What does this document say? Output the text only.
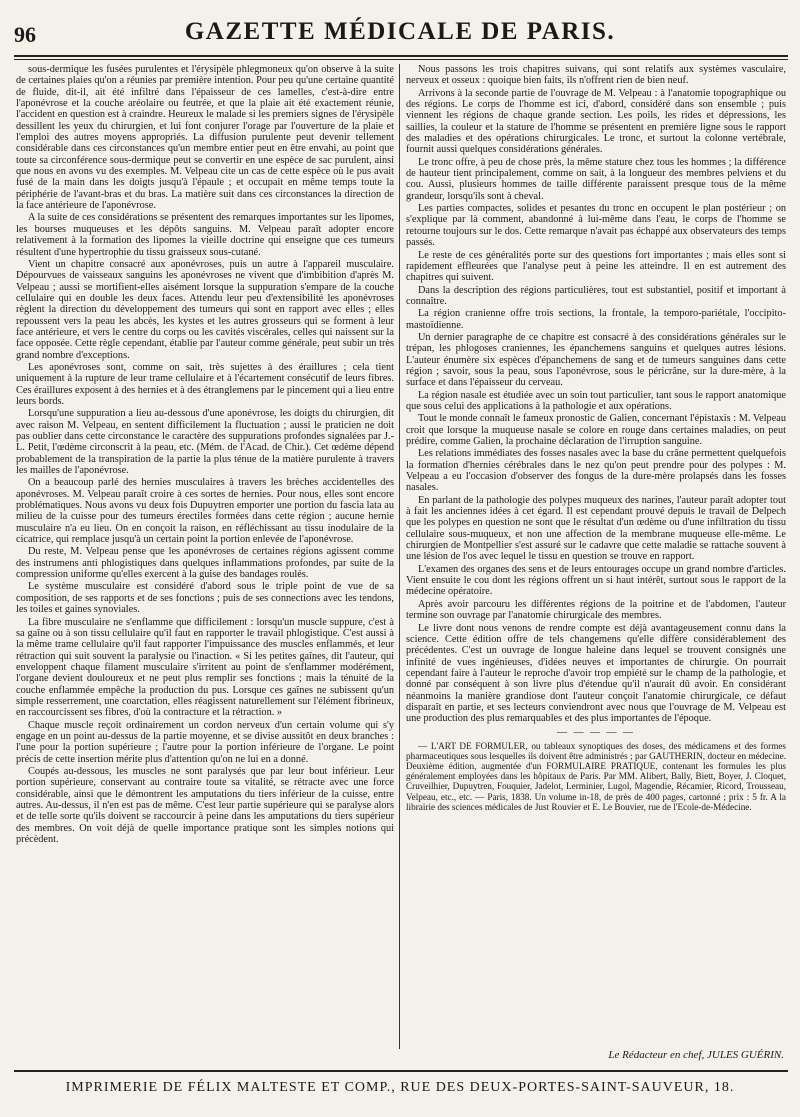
96	GAZETTE MÉDICALE DE PARIS.

sous-dermique les fusées purulentes et l'érysipèle phlegmoneux qu'on observe à la suite de certaines plaies qu'on a réunies par première intention. Pour peu qu'une certaine quantité de fluide, dit-il, ait été infiltré dans l'épaisseur de ces lamelles, c'est-à-dire entre l'aponévrose et la couche aréolaire ou feutrée, et que la plaie ait été exactement réunie, l'accident en question est à craindre. Heureux le malade si les premiers signes de l'érysipèle dessillent les yeux du chirurgien, et lui font conjurer l'orage par l'ouverture de la plaie et l'emploi des autres moyens appropriés. La diffusion purulente peut devenir tellement considérable dans ces circonstances qu'un membre entier peut en être envahi, au point que toute sa circonférence sous-dermique peut se convertir en une espèce de sac purulent, ainsi que nous en avons vu des exemples. M. Velpeau cite un cas de cette espèce où le pus avait fusé de la main dans les doigts jusqu'à l'épaule ; et occupait en même temps toute la périphérie de l'avant-bras et du bras. La matière suit dans ces circonstances la direction de la face antérieure de l'aponévrose.

A la suite de ces considérations se présentent des remarques importantes sur les lipomes, les bourses muqueuses et les dépôts sanguins. M. Velpeau paraît adopter encore relativement à la formation des lipomes la vieille doctrine qui enseigne que ces tumeurs résultent d'une hypertrophie du tissu graisseux sous-cutané.

Vient un chapitre consacré aux aponévroses, puis un autre à l'appareil musculaire. Dépourvues de vaisseaux sanguins les aponévroses ne vivent que d'imbibition d'après M. Velpeau ; aussi se mortifient-elles aisément lorsque la suppuration s'empare de la couche cellulaire qui en double les deux faces. Attendu leur peu d'extensibilité les aponévroses règlent la direction du développement des tumeurs qui sont en rapport avec elles ; elles repoussent vers la peau les abcès, les kystes et les autres grosseurs qui se forment à leur face antérieure, et vers le centre du corps ou les cavités viscérales, celles qui naissent sur la face opposée. Cette règle cependant, établie par l'auteur comme générale, peut subir un très grand nombre d'exceptions.

Les aponévroses sont, comme on sait, très sujettes à des éraillures ; cela tient uniquement à la rupture de leur trame cellulaire et à l'écartement consécutif de leurs fibres. Ces éraillures exposent à des hernies et à des étranglemens par le pincement qui a lieu entre leurs bords.

Lorsqu'une suppuration a lieu au-dessous d'une aponévrose, les doigts du chirurgien, dit avec raison M. Velpeau, en sentent difficilement la fluctuation ; aussi le praticien ne doit pas oublier dans cette circonstance le caractère des suppurations profondes signalées par J.-L. Petit, l'œdème circonscrit à la peau, etc. (Mém. de l'Acad. de Chir.). Cet œdème dépend probablement de la transpiration de la partie la plus ténue de la matière purulente à travers les mailles de l'aponévrose.

On a beaucoup parlé des hernies musculaires à travers les brèches accidentelles des aponévroses. M. Velpeau paraît croire à ces sortes de hernies. Pour nous, elles sont encore problématiques. Nous avons vu deux fois Dupuytren emporter une portion du fascia lata au milieu de la cuisse pour des tumeurs érectiles formées dans cette région ; aucune hernie musculaire n'a eu lieu. On en conçoit la raison, en réfléchissant au tissu inodulaire de la cicatrice, qui remplace jusqu'à un certain point la portion enlevée de l'aponévrose.

Du reste, M. Velpeau pense que les aponévroses de certaines régions agissent comme des instrumens anti phlogistiques dans quelques inflammations profondes, par suite de la compression uniforme qu'elles exercent à la guise des bandages roulés.

Le système musculaire est considéré d'abord sous le triple point de vue de sa composition, de ses rapports et de ses fonctions ; puis de ses connections avec les tendons, les toiles et gaines synoviales.

La fibre musculaire ne s'enflamme que difficilement : lorsqu'un muscle suppure, c'est à sa gaîne ou à son tissu cellulaire qu'il faut en rapporter le travail phlogistique. C'est aussi à la même trame cellulaire qu'il faut rapporter l'impuissance des muscles enflammés, et leur rétraction qui suit souvent la paralysie ou l'inaction. « Si les petites gaînes, dit l'auteur, qui enveloppent chaque filament musculaire s'irritent au point de s'enflammer modérément, l'organe devient douloureux et ne peut plus remplir ses fonctions ; mais la ténuité de la couche enflammée empêche la production du pus. Lorsque ces gaînes ne subissent qu'un simple resserrement, une coarctation, elles réagissent naturellement sur l'élément fibrineux, en raccourcissent ses fibres, d'où la contracture et la rétraction. »

Chaque muscle reçoit ordinairement un cordon nerveux d'un certain volume qui s'y engage en un point au-dessus de la partie moyenne, et se divise aussitôt en deux branches : l'une pour la portion supérieure ; l'autre pour la portion inférieure de l'organe. Le point précis de cette insertion mérite plus d'attention qu'on ne lui en a donné.

Coupés au-dessous, les muscles ne sont paralysés que par leur bout inférieur. Leur portion supérieure, conservant au contraire toute sa vitalité, se rétracte avec une force considérable, ainsi que le démontrent les amputations du tiers inférieur de la cuisse, entre autres. Au-dessus, il n'en est pas de même. C'est leur partie supérieure qui se paralyse alors et de telle sorte qu'ils doivent se raccourcir à peine dans les amputations du tiers supérieur des membres. On voit déjà de quelle importance pratique sont les simples notions qui précèdent.

Nous passons les trois chapitres suivans, qui sont relatifs aux systèmes vasculaire, nerveux et osseux : quoique bien faits, ils n'offrent rien de bien neuf.

Arrivons à la seconde partie de l'ouvrage de M. Velpeau : à l'anatomie topographique ou des régions. Le corps de l'homme est ici, d'abord, considéré dans son ensemble ; puis viennent les régions de chaque grande section. Les poils, les rides et dépressions, les saillies, la couleur et la stature de l'homme se présentent en première ligne sous le rapport des maladies et des opérations chirurgicales. Le tronc, et surtout la colonne vertébrale, fournit aussi quelques considérations générales.

Le tronc offre, à peu de chose près, la même stature chez tous les hommes ; la différence de hauteur tient principalement, comme on sait, à la longueur des membres pelviens et du cou. Aussi, plusieurs hommes de taille différente paraissent presque tous de la même grandeur, lorsqu'ils sont à cheval.

Les parties compactes, solides et pesantes du tronc en occupent le plan postérieur ; on s'explique par là comment, abandonné à lui-même dans l'eau, le corps de l'homme se retourne toujours sur le dos. Cette remarque n'avait pas échappé aux observateurs des temps passés.

Le reste de ces généralités porte sur des questions fort importantes ; mais elles sont si rapidement effleurées que l'analyse peut à peine les atteindre. Il en est autrement des chapitres qui suivent.

Dans la description des régions particulières, tout est substantiel, positif et important à connaître.

La région cranienne offre trois sections, la frontale, la temporo-pariétale, l'occipito-mastoïdienne.

Un dernier paragraphe de ce chapitre est consacré à des considérations générales sur le trépan, les phlogoses craniennes, les épanchemens sanguins et quelques autres lésions. L'auteur énumère six espèces d'épanchemens de sang et de tumeurs sanguines dans cette région ; savoir, sous la peau, sous l'aponévrose, sous le péricrâne, sur la dure-mère, à la surface et dans l'épaisseur du cerveau.

La région nasale est étudiée avec un soin tout particulier, tant sous le rapport anatomique que sous celui des applications à la pathologie et aux opérations.

Tout le monde connaît le fameux pronostic de Galien, concernant l'épistaxis : M. Velpeau croit que lorsque la muqueuse nasale se colore en rouge dans certaines maladies, on peut prédire, comme Galien, la prochaine déclaration de l'irruption sanguine.

Les relations immédiates des fosses nasales avec la base du crâne permettent quelquefois la formation d'hernies cérébrales dans le nez qu'on peut prendre pour des polypes : M. Velpeau a eu l'occasion d'observer des fongus de la dure-mère prolapsés dans les fosses nasales.

En parlant de la pathologie des polypes muqueux des narines, l'auteur paraît adopter tout à fait les anciennes idées à cet égard. Il est cependant prouvé depuis le travail de Delpech que les polypes en question ne sont que le résultat d'un œdème ou d'une infiltration du tissu cellulaire sous-muqueux, et non une affection de la membrane muqueuse elle-même. Le chirurgien de Montpellier s'est assuré sur le cadavre que cette maladie se rattache souvent à une lésion de l'os avec lequel le tissu en question se trouve en rapport.

L'examen des organes des sens et de leurs entourages occupe un grand nombre d'articles. Vient ensuite le cou dont les régions offrent un si haut intérêt, surtout sous le rapport de la médecine opératoire.

Après avoir parcouru les différentes régions de la poitrine et de l'abdomen, l'auteur termine son ouvrage par l'anatomie chirurgicale des membres.

Le livre dont nous venons de rendre compte est déjà avantageusement connu dans la science. Cette édition offre de tels changemens qu'elle diffère considérablement des précédentes. C'est un ouvrage de longue haleine dans lequel se trouvent consignés une infinité de vues ingénieuses, d'idées neuves et importantes de chirurgie. On pourrait cependant faire à l'auteur le reproche d'avoir trop empiété sur le champ de la pathologie, et donné par conséquent à son livre plus d'étendue qu'il n'aurait dû avoir. En considérant néanmoins la manière grandiose dont l'auteur conçoit l'anatomie chirurgicale, ce défaut disparaît en partie, et ses lecteurs conviendront avec nous que l'ouvrage de M. Velpeau est une production des plus remarquables et des plus importantes de l'époque.

— — — — —

— L'ART DE FORMULER, ou tableaux synoptiques des doses, des médicamens et des formes pharmaceutiques sous lesquelles ils doivent être administrés ; par GAUTHERIN, docteur en médecine. Deuxième édition, augmentée d'un FORMULAIRE PRATIQUE, contenant les formules les plus généralement employées dans les hôpitaux de Paris. Par MM. Alibert, Bally, Biett, Boyer, J. Cloquet, Cruveilhier, Dupuytren, Fouquier, Jadelot, Lerminier, Lugol, Magendie, Récamier, Ricord, Trousseau, Velpeau, etc., etc. — Paris, 1838. Un volume in-18, de près de 400 pages, cartonné ; prix : 5 fr. A la librairie des sciences médicales de Just Rouvier et E. Le Bouvier, rue de l'Ecole-de-Médecine.

Le Rédacteur en chef, JULES GUÉRIN.
IMPRIMERIE DE FÉLIX MALTESTE ET COMP., RUE DES DEUX-PORTES-SAINT-SAUVEUR, 18.
